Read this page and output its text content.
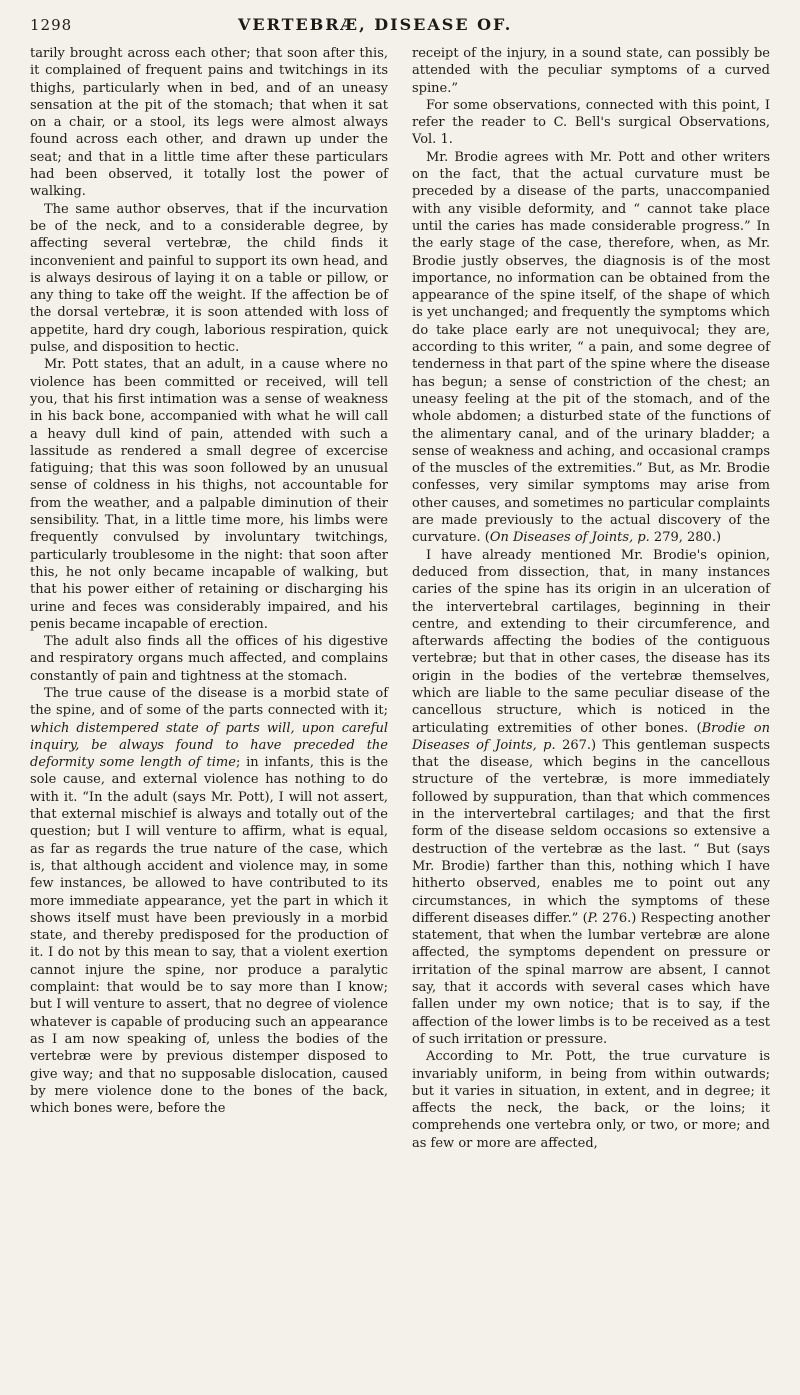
1298	VERTEBRÆ, DISEASE OF.

tarily brought across each other; that soon after this, it complained of frequent pains and twitchings in its thighs, particularly when in bed, and of an uneasy sensation at the pit of the stomach; that when it sat on a chair, or a stool, its legs were almost always found across each other, and drawn up under the seat; and that in a little time after these particulars had been observed, it totally lost the power of walking.

The same author observes, that if the incurvation be of the neck, and to a considerable degree, by affecting several vertebræ, the child finds it inconvenient and painful to support its own head, and is always desirous of laying it on a table or pillow, or any thing to take off the weight. If the affection be of the dorsal vertebræ, it is soon attended with loss of appetite, hard dry cough, laborious respiration, quick pulse, and disposition to hectic.

Mr. Pott states, that an adult, in a cause where no violence has been committed or received, will tell you, that his first intimation was a sense of weakness in his back bone, accompanied with what he will call a heavy dull kind of pain, attended with such a lassitude as rendered a small degree of excercise fatiguing; that this was soon followed by an unusual sense of coldness in his thighs, not accountable for from the weather, and a palpable diminution of their sensibility. That, in a little time more, his limbs were frequently convulsed by involuntary twitchings, particularly troublesome in the night: that soon after this, he not only became incapable of walking, but that his power either of retaining or discharging his urine and feces was considerably impaired, and his penis became incapable of erection.

The adult also finds all the offices of his digestive and respiratory organs much affected, and complains constantly of pain and tightness at the stomach.

The true cause of the disease is a morbid state of the spine, and of some of the parts connected with it; which distempered state of parts will, upon careful inquiry, be always found to have preceded the deformity some length of time; in infants, this is the sole cause, and external violence has nothing to do with it. “In the adult (says Mr. Pott), I will not assert, that external mischief is always and totally out of the question; but I will venture to affirm, what is equal, as far as regards the true nature of the case, which is, that although accident and violence may, in some few instances, be allowed to have contributed to its more immediate appearance, yet the part in which it shows itself must have been previously in a morbid state, and thereby predisposed for the production of it. I do not by this mean to say, that a violent exertion cannot injure the spine, nor produce a paralytic complaint: that would be to say more than I know; but I will venture to assert, that no degree of violence whatever is capable of producing such an appearance as I am now speaking of, unless the bodies of the vertebræ were by previous distemper disposed to give way; and that no supposable dislocation, caused by mere violence done to the bones of the back, which bones were, before the

receipt of the injury, in a sound state, can possibly be attended with the peculiar symptoms of a curved spine.”

For some observations, connected with this point, I refer the reader to C. Bell's surgical Observations, Vol. 1.

Mr. Brodie agrees with Mr. Pott and other writers on the fact, that the actual curvature must be preceded by a disease of the parts, unaccompanied with any visible deformity, and “ cannot take place until the caries has made considerable progress.” In the early stage of the case, therefore, when, as Mr. Brodie justly observes, the diagnosis is of the most importance, no information can be obtained from the appearance of the spine itself, of the shape of which is yet unchanged; and frequently the symptoms which do take place early are not unequivocal; they are, according to this writer, “ a pain, and some degree of tenderness in that part of the spine where the disease has begun; a sense of constriction of the chest; an uneasy feeling at the pit of the stomach, and of the whole abdomen; a disturbed state of the functions of the alimentary canal, and of the urinary bladder; a sense of weakness and aching, and occasional cramps of the muscles of the extremities.” But, as Mr. Brodie confesses, very similar symptoms may arise from other causes, and sometimes no particular complaints are made previously to the actual discovery of the curvature. (On Diseases of Joints, p. 279, 280.)

I have already mentioned Mr. Brodie's opinion, deduced from dissection, that, in many instances caries of the spine has its origin in an ulceration of the intervertebral cartilages, beginning in their centre, and extending to their circumference, and afterwards affecting the bodies of the contiguous vertebræ; but that in other cases, the disease has its origin in the bodies of the vertebræ themselves, which are liable to the same peculiar disease of the cancellous structure, which is noticed in the articulating extremities of other bones. (Brodie on Diseases of Joints, p. 267.) This gentleman suspects that the disease, which begins in the cancellous structure of the vertebræ, is more immediately followed by suppuration, than that which commences in the intervertebral cartilages; and that the first form of the disease seldom occasions so extensive a destruction of the vertebræ as the last. “ But (says Mr. Brodie) farther than this, nothing which I have hitherto observed, enables me to point out any circumstances, in which the symptoms of these different diseases differ.” (P. 276.) Respecting another statement, that when the lumbar vertebræ are alone affected, the symptoms dependent on pressure or irritation of the spinal marrow are absent, I cannot say, that it accords with several cases which have fallen under my own notice; that is to say, if the affection of the lower limbs is to be received as a test of such irritation or pressure.

According to Mr. Pott, the true curvature is invariably uniform, in being from within outwards; but it varies in situation, in extent, and in degree; it affects the neck, the back, or the loins; it comprehends one vertebra only, or two, or more; and as few or more are affected,
